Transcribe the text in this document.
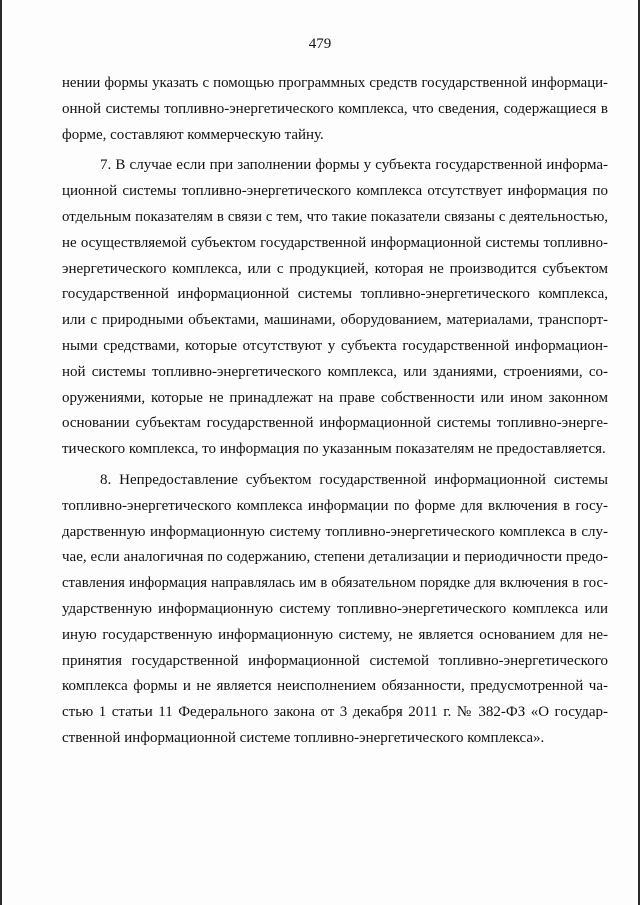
479

нении формы указать с помощью программных средств государственной информаци-
онной системы топливно-энергетического комплекса, что сведения, содержащиеся в
форме, составляют коммерческую тайну.

7. В случае если при заполнении формы у субъекта государственной информа-
ционной системы топливно-энергетического комплекса отсутствует информация по
отдельным показателям в связи с тем, что такие показатели связаны с деятельностью,
не осуществляемой субъектом государственной информационной системы топливно-
энергетического комплекса, или с продукцией, которая не производится субъектом
государственной информационной системы топливно-энергетического комплекса,
или с природными объектами, машинами, оборудованием, материалами, транспорт-
ными средствами, которые отсутствуют у субъекта государственной информацион-
ной системы топливно-энергетического комплекса, или зданиями, строениями, со-
оружениями, которые не принадлежат на праве собственности или ином законном
основании субъектам государственной информационной системы топливно-энерге-
тического комплекса, то информация по указанным показателям не предоставляется.

8. Непредоставление субъектом государственной информационной системы
топливно-энергетического комплекса информации по форме для включения в госу-
дарственную информационную систему топливно-энергетического комплекса в слу-
чае, если аналогичная по содержанию, степени детализации и периодичности предо-
ставления информация направлялась им в обязательном порядке для включения в гос-
ударственную информационную систему топливно-энергетического комплекса или
иную государственную информационную систему, не является основанием для не-
принятия государственной информационной системой топливно-энергетического
комплекса формы и не является неисполнением обязанности, предусмотренной ча-
стью 1 статьи 11 Федерального закона от 3 декабря 2011 г. № 382-ФЗ «О государ-
ственной информационной системе топливно-энергетического комплекса».
